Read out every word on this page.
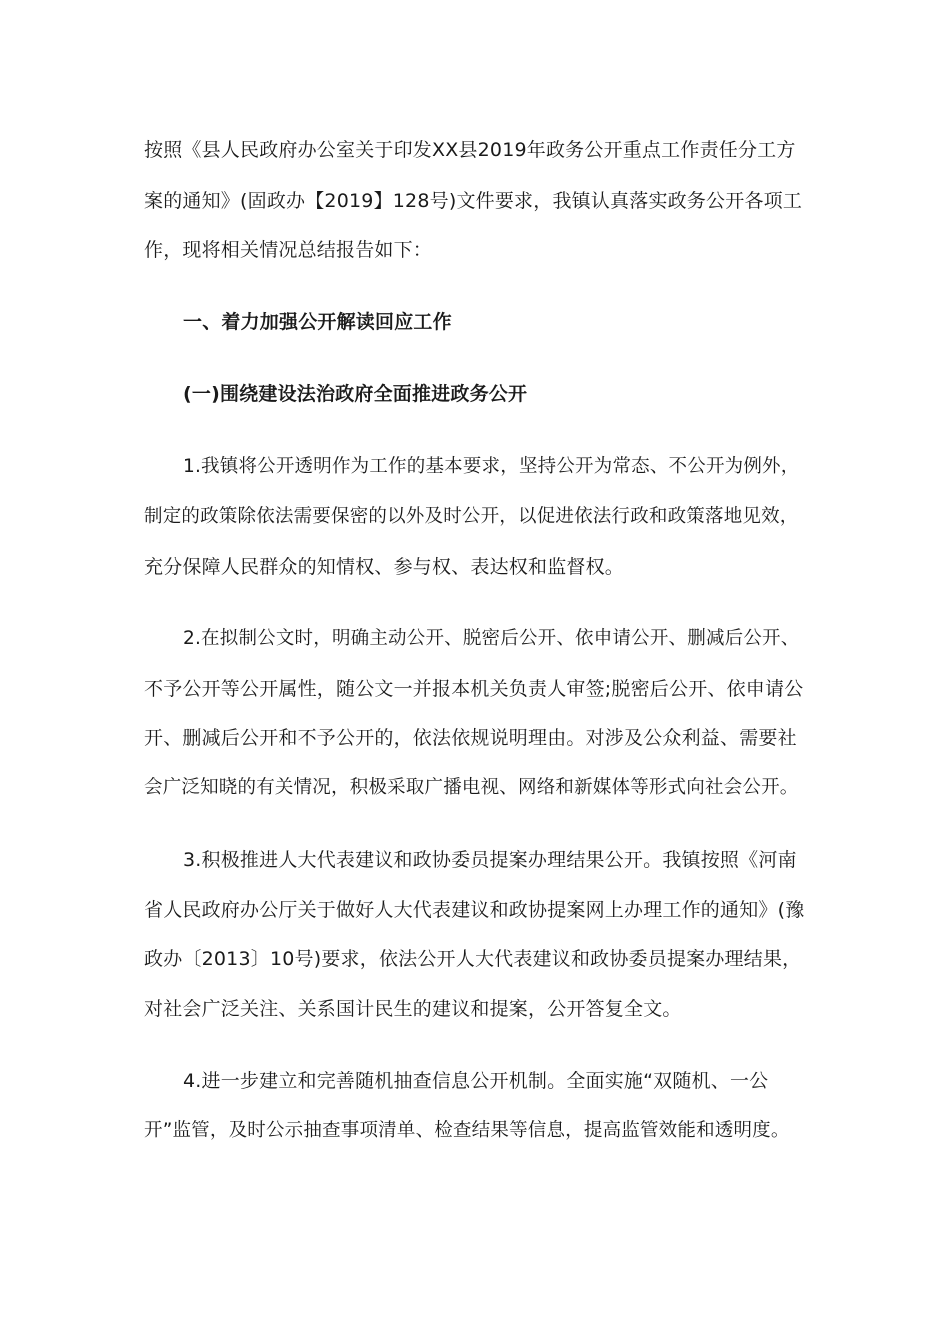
按照《县人民政府办公室关于印发XX县2019年政务公开重点工作责任分工方
案的通知》(固政办【2019】128号)文件要求，我镇认真落实政务公开各项工
作，现将相关情况总结报告如下：
一、着力加强公开解读回应工作
(一)围绕建设法治政府全面推进政务公开
1.我镇将公开透明作为工作的基本要求，坚持公开为常态、不公开为例外，
制定的政策除依法需要保密的以外及时公开，以促进依法行政和政策落地见效，
充分保障人民群众的知情权、参与权、表达权和监督权。
2.在拟制公文时，明确主动公开、脱密后公开、依申请公开、删减后公开、
不予公开等公开属性，随公文一并报本机关负责人审签;脱密后公开、依申请公
开、删减后公开和不予公开的，依法依规说明理由。对涉及公众利益、需要社
会广泛知晓的有关情况，积极采取广播电视、网络和新媒体等形式向社会公开。
3.积极推进人大代表建议和政协委员提案办理结果公开。我镇按照《河南
省人民政府办公厅关于做好人大代表建议和政协提案网上办理工作的通知》(豫
政办〔2013〕10号)要求，依法公开人大代表建议和政协委员提案办理结果，
对社会广泛关注、关系国计民生的建议和提案，公开答复全文。
4.进一步建立和完善随机抽查信息公开机制。全面实施“双随机、一公
开”监管，及时公示抽查事项清单、检查结果等信息，提高监管效能和透明度。
